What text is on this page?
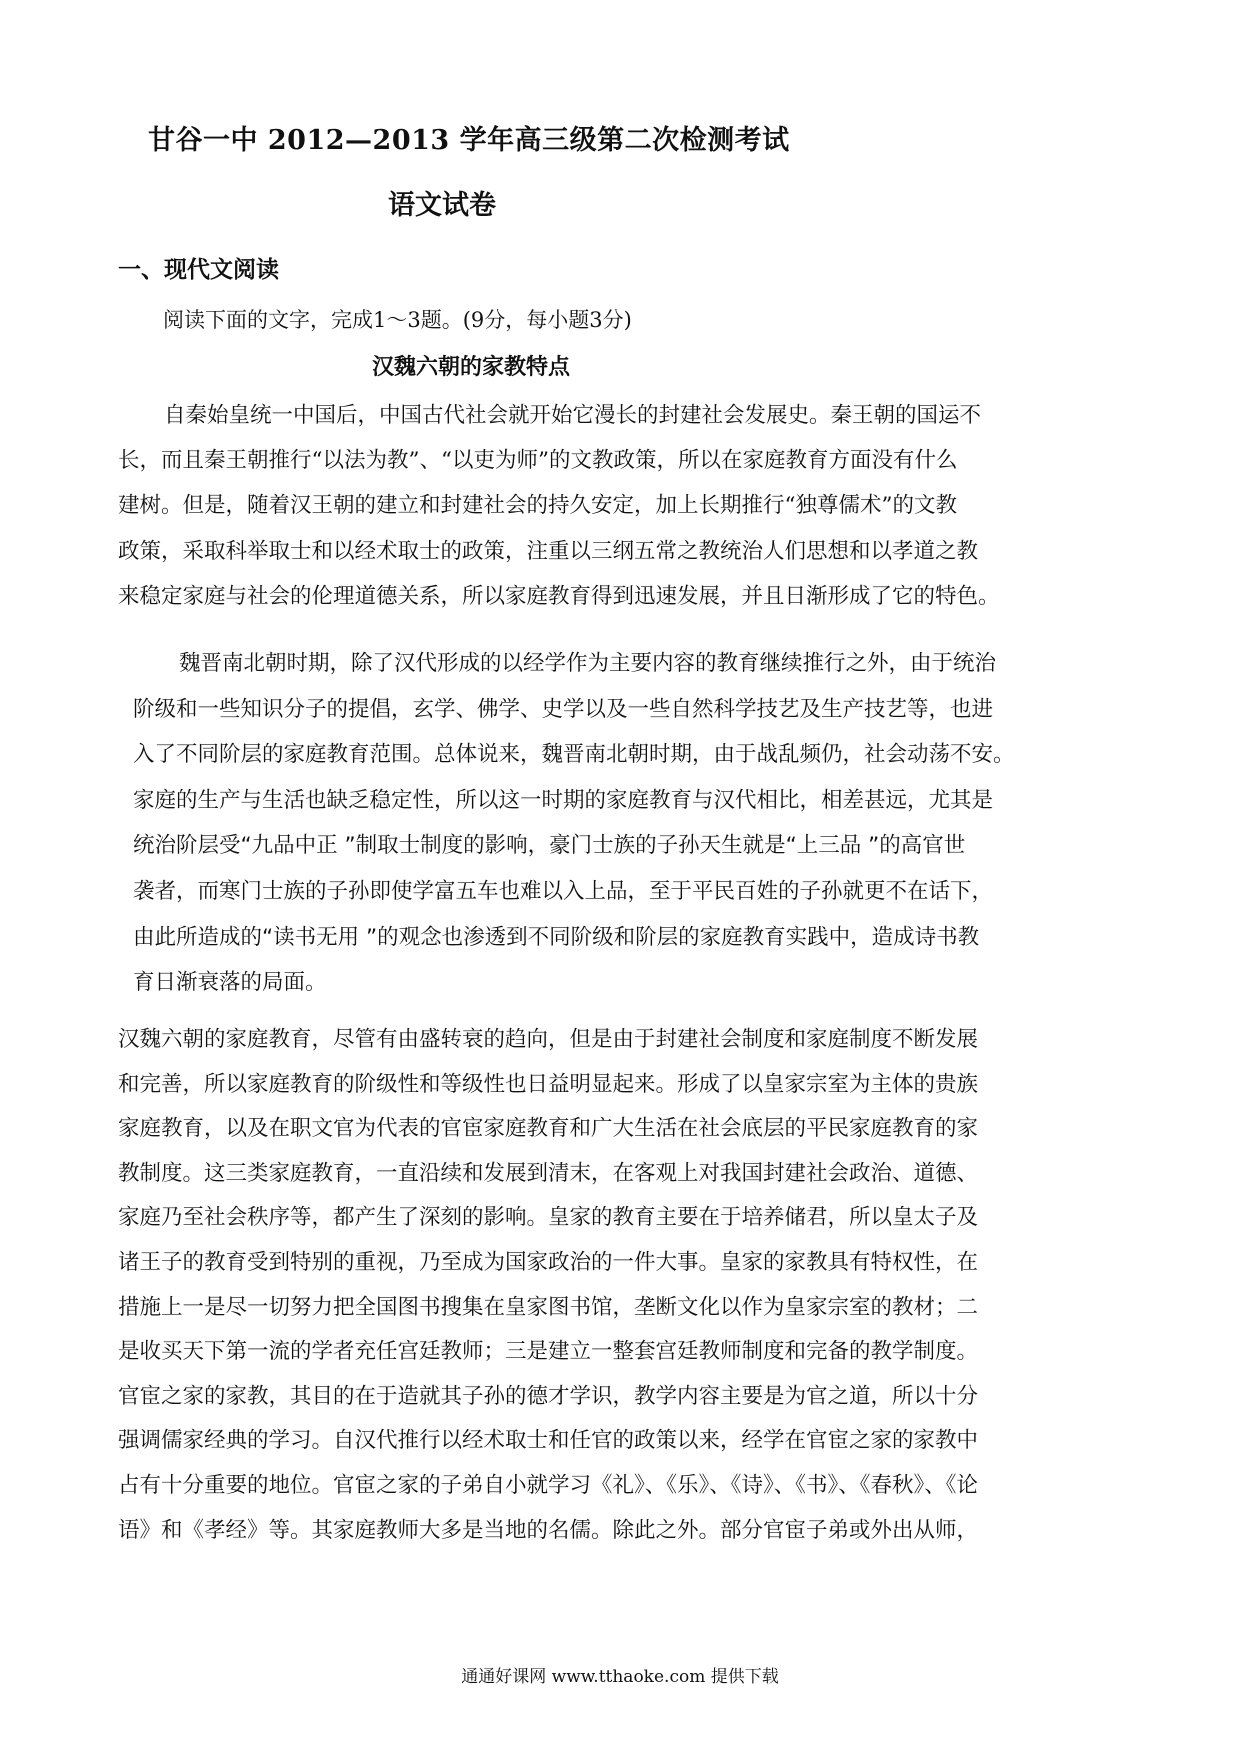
甘谷一中 2012—2013 学年高三级第二次检测考试
语文试卷
一、现代文阅读
阅读下面的文字，完成1～3题。(9分，每小题3分)
汉魏六朝的家教特点
自秦始皇统一中国后，中国古代社会就开始它漫长的封建社会发展史。秦王朝的国运不
长，而且秦王朝推行“以法为教”、“以吏为师”的文教政策，所以在家庭教育方面没有什么
建树。但是，随着汉王朝的建立和封建社会的持久安定，加上长期推行“独尊儒术”的文教
政策，采取科举取士和以经术取士的政策，注重以三纲五常之教统治人们思想和以孝道之教
来稳定家庭与社会的伦理道德关系，所以家庭教育得到迅速发展，并且日渐形成了它的特色。
魏晋南北朝时期，除了汉代形成的以经学作为主要内容的教育继续推行之外，由于统治
阶级和一些知识分子的提倡，玄学、佛学、史学以及一些自然科学技艺及生产技艺等，也进
入了不同阶层的家庭教育范围。总体说来，魏晋南北朝时期，由于战乱频仍，社会动荡不安。
家庭的生产与生活也缺乏稳定性，所以这一时期的家庭教育与汉代相比，相差甚远，尤其是
统治阶层受“九品中正 ”制取士制度的影响，豪门士族的子孙天生就是“上三品 ”的高官世
袭者，而寒门士族的子孙即使学富五车也难以入上品，至于平民百姓的子孙就更不在话下，
由此所造成的“读书无用 ”的观念也渗透到不同阶级和阶层的家庭教育实践中，造成诗书教
育日渐衰落的局面。
汉魏六朝的家庭教育，尽管有由盛转衰的趋向，但是由于封建社会制度和家庭制度不断发展
和完善，所以家庭教育的阶级性和等级性也日益明显起来。形成了以皇家宗室为主体的贵族
家庭教育，以及在职文官为代表的官宦家庭教育和广大生活在社会底层的平民家庭教育的家
教制度。这三类家庭教育，一直沿续和发展到清末，在客观上对我国封建社会政治、道德、
家庭乃至社会秩序等，都产生了深刻的影响。皇家的教育主要在于培养储君，所以皇太子及
诸王子的教育受到特别的重视，乃至成为国家政治的一件大事。皇家的家教具有特权性，在
措施上一是尽一切努力把全国图书搜集在皇家图书馆，垄断文化以作为皇家宗室的教材；二
是收买天下第一流的学者充任宫廷教师；三是建立一整套宫廷教师制度和完备的教学制度。
官宦之家的家教，其目的在于造就其子孙的德才学识，教学内容主要是为官之道，所以十分
强调儒家经典的学习。自汉代推行以经术取士和任官的政策以来，经学在官宦之家的家教中
占有十分重要的地位。官宦之家的子弟自小就学习《礼》、《乐》、《诗》、《书》、《春秋》、《论
语》和《孝经》等。其家庭教师大多是当地的名儒。除此之外。部分官宦子弟或外出从师，
通通好课网 www.tthaoke.com 提供下载
